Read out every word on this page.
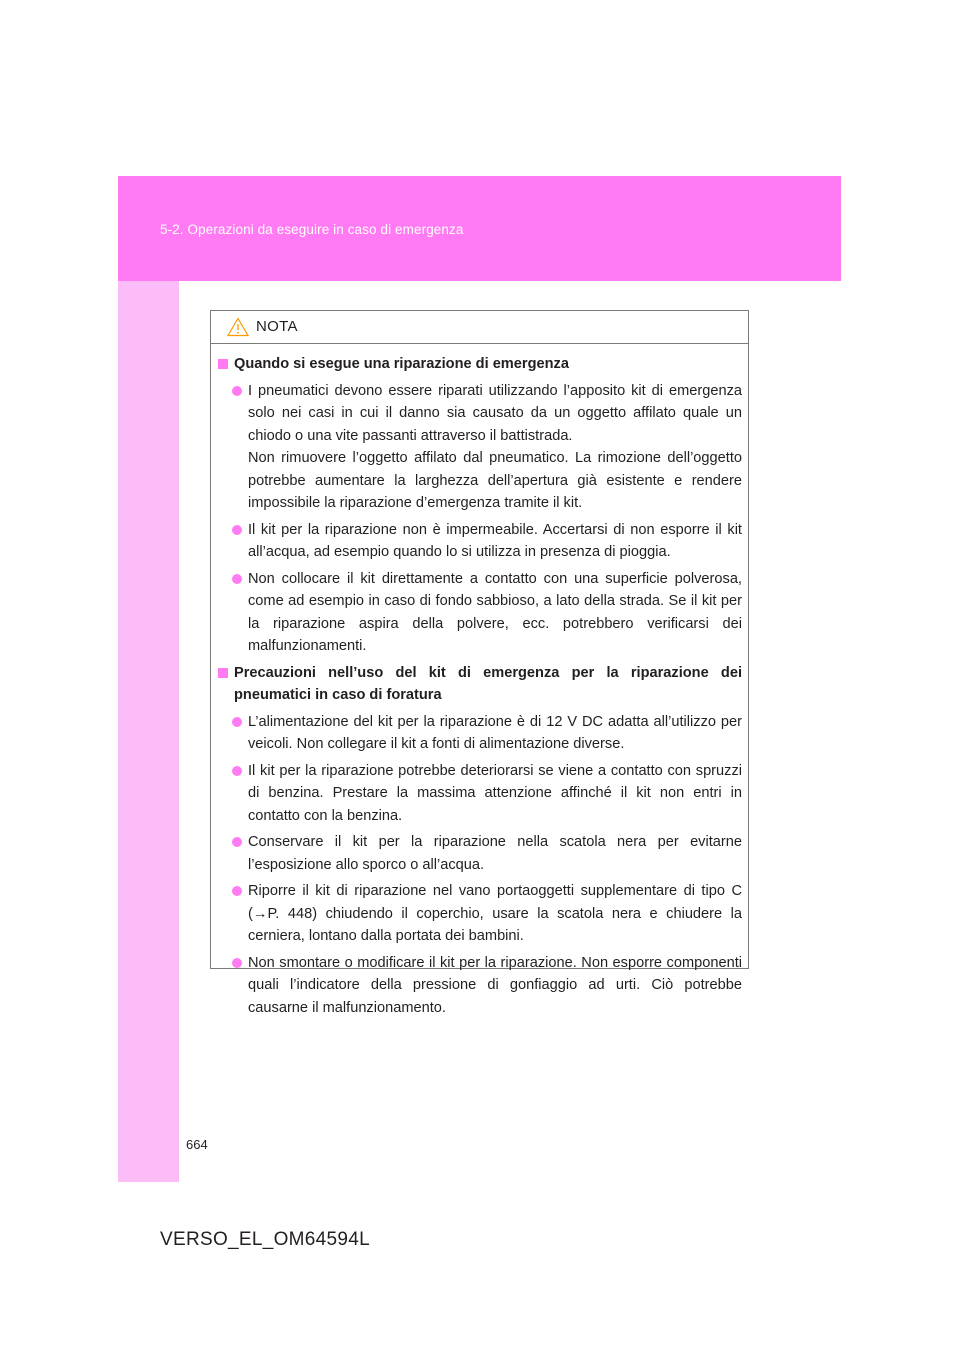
5-2. Operazioni da eseguire in caso di emergenza
NOTA
Quando si esegue una riparazione di emergenza
I pneumatici devono essere riparati utilizzando l’apposito kit di emergenza solo nei casi in cui il danno sia causato da un oggetto affilato quale un chiodo o una vite passanti attraverso il battistrada.
Non rimuovere l’oggetto affilato dal pneumatico. La rimozione dell’oggetto potrebbe aumentare la larghezza dell’apertura già esistente e rendere impossibile la riparazione d’emergenza tramite il kit.
Il kit per la riparazione non è impermeabile. Accertarsi di non esporre il kit all’acqua, ad esempio quando lo si utilizza in presenza di pioggia.
Non collocare il kit direttamente a contatto con una superficie polverosa, come ad esempio in caso di fondo sabbioso, a lato della strada. Se il kit per la riparazione aspira della polvere, ecc. potrebbero verificarsi dei malfunzionamenti.
Precauzioni nell’uso del kit di emergenza per la riparazione dei pneumatici in caso di foratura
L’alimentazione del kit per la riparazione è di 12 V DC adatta all’utilizzo per veicoli. Non collegare il kit a fonti di alimentazione diverse.
Il kit per la riparazione potrebbe deteriorarsi se viene a contatto con spruzzi di benzina. Prestare la massima attenzione affinché il kit non entri in contatto con la benzina.
Conservare il kit per la riparazione nella scatola nera per evitarne l’esposizione allo sporco o all’acqua.
Riporre il kit di riparazione nel vano portaoggetti supplementare di tipo C (→P. 448) chiudendo il coperchio, usare la scatola nera e chiudere la cerniera, lontano dalla portata dei bambini.
Non smontare o modificare il kit per la riparazione. Non esporre componenti quali l’indicatore della pressione di gonfiaggio ad urti. Ciò potrebbe causarne il malfunzionamento.
664
VERSO_EL_OM64594L
